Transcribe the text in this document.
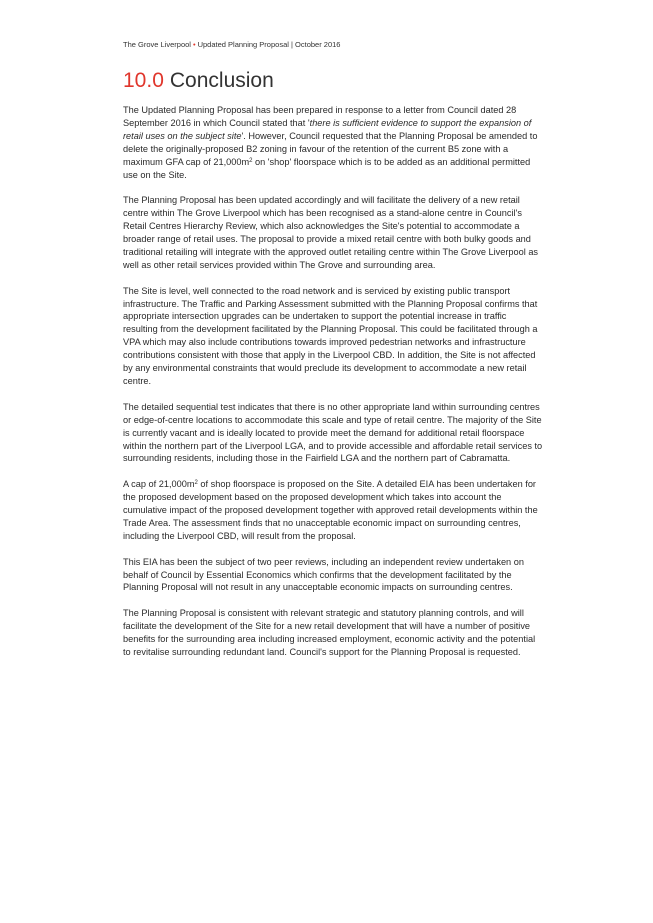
The Grove Liverpool • Updated Planning Proposal | October 2016
10.0 Conclusion

The Updated Planning Proposal has been prepared in response to a letter from Council dated 28 September 2016 in which Council stated that 'there is sufficient evidence to support the expansion of retail uses on the subject site'. However, Council requested that the Planning Proposal be amended to delete the originally-proposed B2 zoning in favour of the retention of the current B5 zone with a maximum GFA cap of $21,000m^2$ on 'shop' floorspace which is to be added as an additional permitted use on the Site.

The Planning Proposal has been updated accordingly and will facilitate the delivery of a new retail centre within The Grove Liverpool which has been recognised as a stand-alone centre in Council's Retail Centres Hierarchy Review, which also acknowledges the Site's potential to accommodate a broader range of retail uses. The proposal to provide a mixed retail centre with both bulky goods and traditional retailing will integrate with the approved outlet retailing centre within The Grove Liverpool as well as other retail services provided within The Grove and surrounding area.

The Site is level, well connected to the road network and is serviced by existing public transport infrastructure. The Traffic and Parking Assessment submitted with the Planning Proposal confirms that appropriate intersection upgrades can be undertaken to support the potential increase in traffic resulting from the development facilitated by the Planning Proposal. This could be facilitated through a VPA which may also include contributions towards improved pedestrian networks and infrastructure contributions consistent with those that apply in the Liverpool CBD. In addition, the Site is not affected by any environmental constraints that would preclude its development to accommodate a new retail centre.

The detailed sequential test indicates that there is no other appropriate land within surrounding centres or edge-of-centre locations to accommodate this scale and type of retail centre. The majority of the Site is currently vacant and is ideally located to provide meet the demand for additional retail floorspace within the northern part of the Liverpool LGA, and to provide accessible and affordable retail services to surrounding residents, including those in the Fairfield LGA and the northern part of Cabramatta.

A cap of $21,000m^2$ of shop floorspace is proposed on the Site. A detailed EIA has been undertaken for the proposed development based on the proposed development which takes into account the cumulative impact of the proposed development together with approved retail developments within the Trade Area. The assessment finds that no unacceptable economic impact on surrounding centres, including the Liverpool CBD, will result from the proposal.

This EIA has been the subject of two peer reviews, including an independent review undertaken on behalf of Council by Essential Economics which confirms that the development facilitated by the Planning Proposal will not result in any unacceptable economic impacts on surrounding centres.

The Planning Proposal is consistent with relevant strategic and statutory planning controls, and will facilitate the development of the Site for a new retail development that will have a number of positive benefits for the surrounding area including increased employment, economic activity and the potential to revitalise surrounding redundant land. Council's support for the Planning Proposal is requested.
